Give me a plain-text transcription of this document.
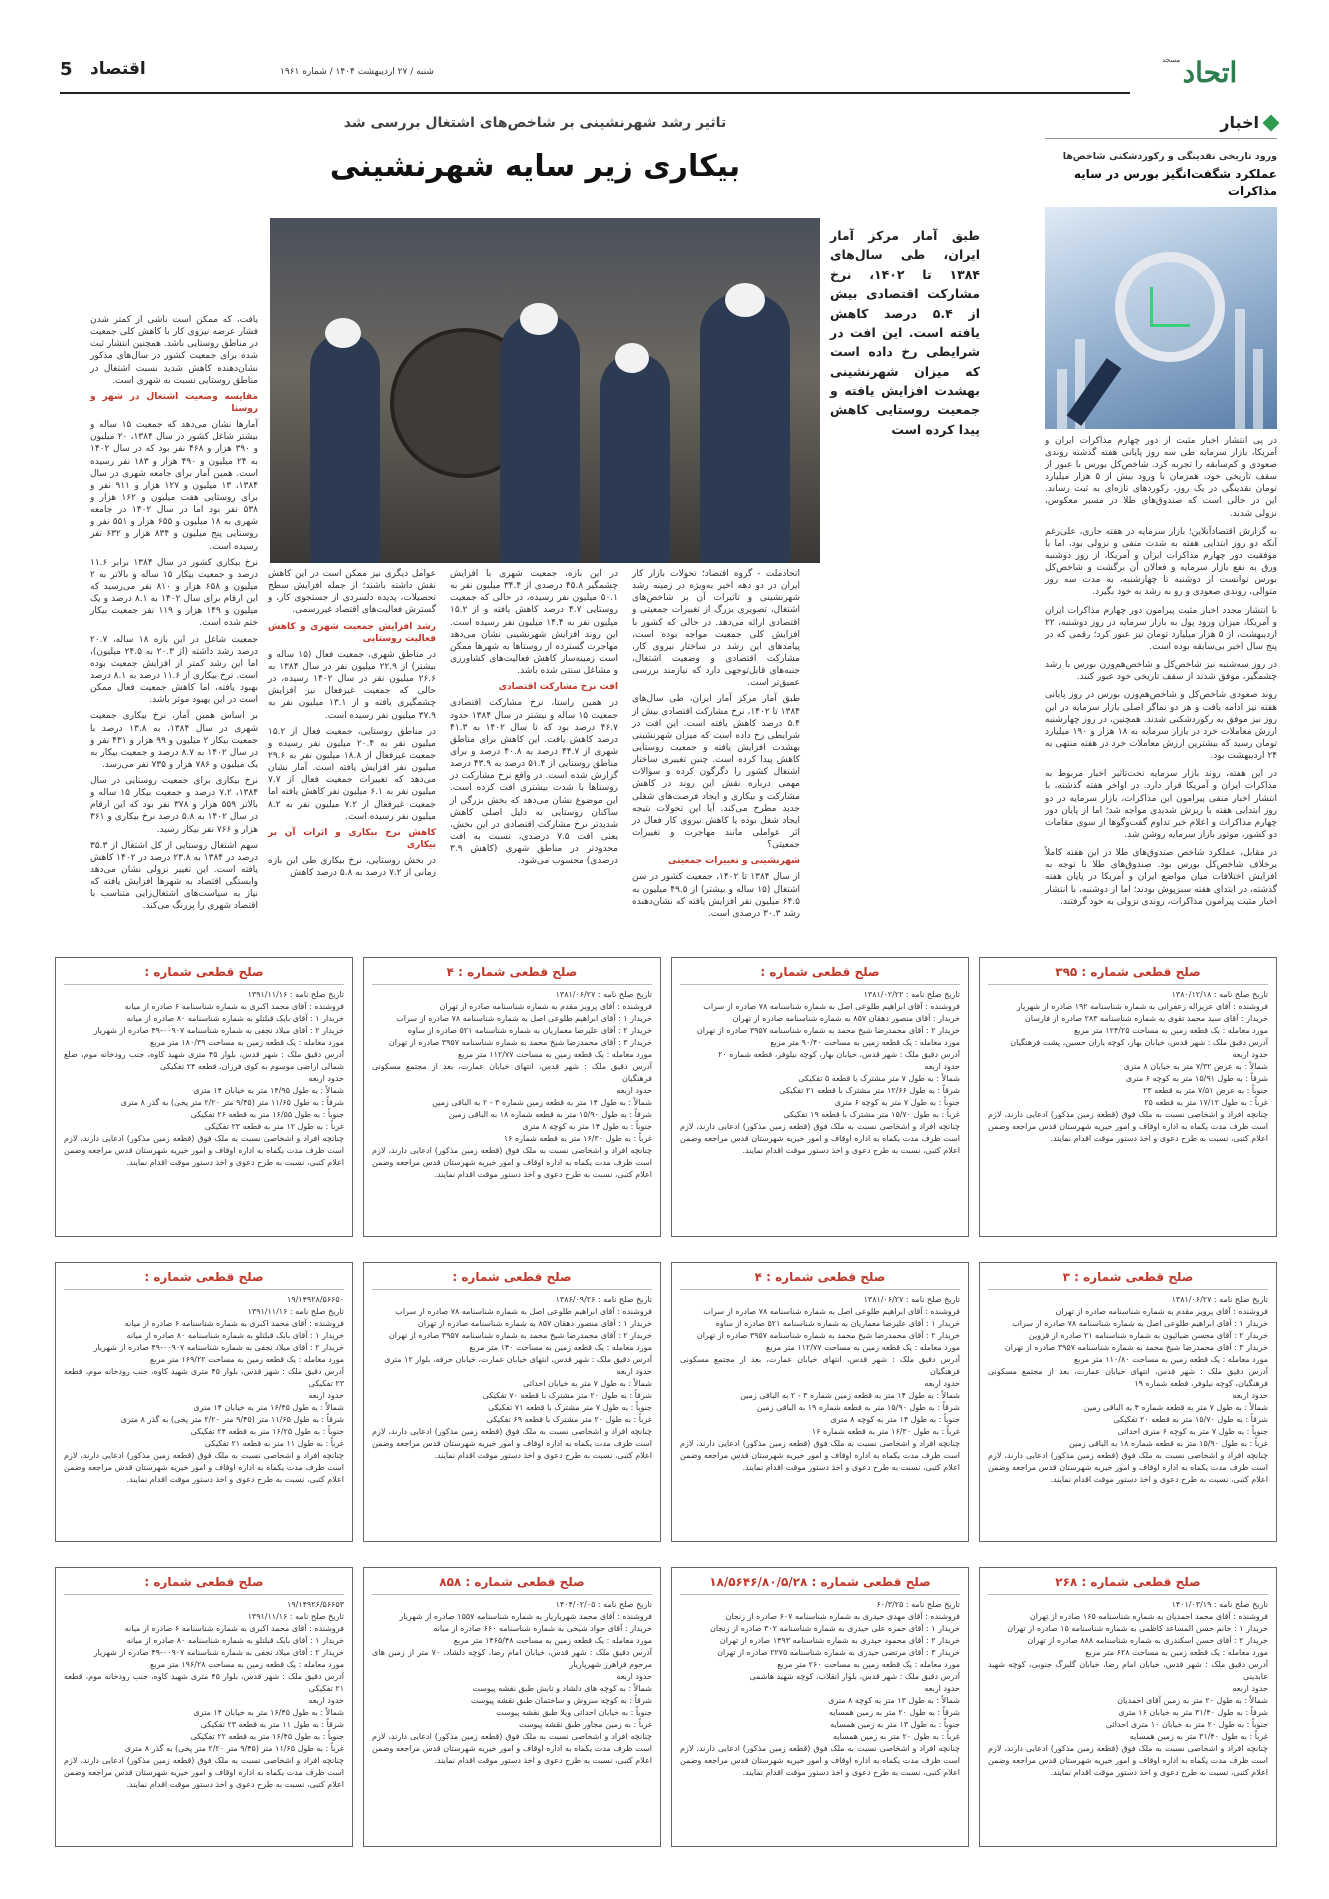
مسجد اتحاد
5 اقتصاد	شنبه / ۲۷ اردیبهشت ۱۴۰۴ / شماره ۱۹۶۱
اخبار
ورود تاریخی نقدینگی و رکوردشکنی شاخص‌ها
عملکرد شگفت‌انگیز بورس در سایه مذاکرات

در پی انتشار اخبار مثبت از دور چهارم مذاکرات ایران و آمریکا، بازار سرمایه طی سه روز پایانی هفته گذشته روندی صعودی و کم‌سابقه را تجربه کرد. شاخص‌کل بورس با عبور از سقف تاریخی خود، همزمان با ورود بیش از ۵ هزار میلیارد تومان نقدینگی در یک روز، رکوردهای تازه‌ای به ثبت رساند. این در حالی است که صندوق‌های طلا در مسیر معکوس، نزولی شدند.

به گزارش اقتصادآنلاین؛ بازار سرمایه در هفته جاری، علی‌رغم آنکه دو روز ابتدایی هفته به شدت منفی و نزولی بود، اما با موفقیت دور چهارم مذاکرات ایران و آمریکا، از روز دوشنبه ورق به نفع بازار سرمایه و فعالان آن برگشت و شاخص‌کل بورس توانست از دوشنبه تا چهارشنبه، به مدت سه روز متوالی، روندی صعودی و رو به رشد به خود بگیرد.

با انتشار مجدد اخبار مثبت پیرامون دور چهارم مذاکرات ایران و آمریکا، میزان ورود پول به بازار سرمایه در روز دوشنبه، ۲۲ اردیبهشت، از ۵ هزار میلیارد تومان نیز عبور کرد؛ رقمی که در پنج سال اخیر بی‌سابقه بوده است.

در روز سه‌شنبه نیز شاخص‌کل و شاخص‌هم‌وزن بورس با رشد چشمگیر، موفق شدند از سقف تاریخی خود عبور کنند.

روند صعودی شاخص‌کل و شاخص‌هم‌وزن بورس در روز پایانی هفته نیز ادامه یافت و هر دو نماگر اصلی بازار سرمایه در این روز نیز موفق به رکوردشکنی شدند. همچنین، در روز چهارشنبه ارزش معاملات خرد در بازار سرمایه به ۱۸ هزار و ۱۹۰ میلیارد تومان رسید که بیشترین ارزش معاملات خرد در هفته منتهی به ۲۴ اردیبهشت بود.

در این هفته، روند بازار سرمایه تحت‌تاثیر اخبار مربوط به مذاکرات ایران و آمریکا قرار دارد. در اواخر هفته گذشته، با انتشار اخبار منفی پیرامون این مذاکرات، بازار سرمایه در دو روز ابتدایی هفته با ریزش شدیدی مواجه شد؛ اما از پایان دور چهارم مذاکرات و اعلام خبر تداوم گفت‌وگوها از سوی مقامات دو کشور، موتور بازار سرمایه روشن شد.

در مقابل، عملکرد شاخص صندوق‌های طلا در این هفته کاملاً برخلاف شاخص‌کل بورس بود. صندوق‌های طلا با توجه به افزایش اختلافات میان مواضع ایران و آمریکا در پایان هفته گذشته، در ابتدای هفته سبزپوش بودند؛ اما از دوشنبه، با انتشار اخبار مثبت پیرامون مذاکرات، روندی نزولی به خود گرفتند.

تاثیر رشد شهرنشینی بر شاخص‌های اشتغال بررسی شد
بیکاری زیر سایه شهرنشینی
طبق آمار مرکز آمار ایران، طی سال‌های ۱۳۸۴ تا ۱۴۰۲، نرخ مشارکت اقتصادی بیش از ۵.۴ درصد کاهش یافته است. این افت در شرایطی رخ داده است که میزان شهرنشینی بهشدت افزایش یافته و جمعیت روستایی کاهش پیدا کرده است

اتحادملت - گروه اقتصاد؛ تحولات بازار کار ایران در دو دهه اخیر به‌ویژه در زمینه رشد شهرنشینی و تاثیرات آن بر شاخص‌های اشتغال، تصویری بزرگ از تغییرات جمعیتی و اقتصادی ارائه می‌دهد. در حالی که کشور با افزایش کلی جمعیت مواجه بوده است، پیامدهای این رشد در ساختار نیروی کار، مشارکت اقتصادی و وضعیت اشتغال، جنبه‌های قابل‌توجهی دارد که نیازمند بررسی عمیق‌تر است.

طبق آمار مرکز آمار ایران، طی سال‌های ۱۳۸۴ تا ۱۴۰۲، نرخ مشارکت اقتصادی بیش از ۵.۴ درصد کاهش یافته است. این افت در شرایطی رخ داده است که میزان شهرنشینی بهشدت افزایش یافته و جمعیت روستایی کاهش پیدا کرده است. چنین تغییری ساختار اشتغال کشور را دگرگون کرده و سوالات مهمی درباره نقش این روند در کاهش مشارکت و بیکاری و ایجاد فرصت‌های شغلی جدید مطرح می‌کند. آیا این تحولات نتیجه ایجاد شغل بوده یا کاهش نیروی کار فعال در اثر عواملی مانند مهاجرت و تغییرات جمعیتی؟

شهرنشینی و تغییرات جمعیتی

از سال ۱۳۸۴ تا ۱۴۰۲، جمعیت کشور در سن اشتغال (۱۵ ساله و بیشتر) از ۴۹.۵ میلیون به ۶۴.۵ میلیون نفر افزایش یافته که نشان‌دهنده رشد ۳۰.۳ درصدی است.

در این بازه، جمعیت شهری با افزایش چشمگیر ۴۵.۸ درصدی از ۳۴.۴ میلیون نفر به ۵۰.۱ میلیون نفر رسیده، در حالی که جمعیت روستایی ۴.۷ درصد کاهش یافته و از ۱۵.۲ میلیون نفر به ۱۴.۴ میلیون نفر رسیده است. این روند افزایش شهرنشینی نشان می‌دهد مهاجرت گسترده از روستاها به شهرها ممکن است زمینه‌ساز کاهش فعالیت‌های کشاورزی و مشاغل سنتی شده باشد.

افت نرخ مشارکت اقتصادی

در همین راستا، نرخ مشارکت اقتصادی جمعیت ۱۵ ساله و بیشتر در سال ۱۳۸۴ حدود ۴۶.۷ درصد بود که تا سال ۱۴۰۲ به ۴۱.۳ درصد کاهش یافت. این کاهش برای مناطق شهری از ۴۴.۷ درصد به ۴۰.۸ درصد و برای مناطق روستایی از ۵۱.۴ درصد به ۴۳.۹ درصد گزارش شده است. در واقع نرخ مشارکت در روستاها با شدت بیشتری افت کرده است. این موضوع نشان می‌دهد که بخش بزرگی از ساکنان روستایی به دلیل اصلی کاهش شدیدتر نرخ مشارکت اقتصادی در این بخش، یعنی افت ۷.۵ درصدی، نسبت به افت محدودتر در مناطق شهری (کاهش ۳.۹ درصدی) محسوب می‌شود.

عوامل دیگری نیز ممکن است در این کاهش نقش داشته باشند؛ از جمله افزایش سطح تحصیلات، پدیده دلسردی از جستجوی کار، و گسترش فعالیت‌های اقتصاد غیررسمی.

رشد افزایش جمعیت شهری و کاهش فعالیت روستایی

در مناطق شهری، جمعیت فعال (۱۵ ساله و بیشتر) از ۲۲.۹ میلیون نفر در سال ۱۳۸۴ به ۲۶.۶ میلیون نفر در سال ۱۴۰۲ رسیده، در حالی که جمعیت غیرفعال نیز افزایش چشمگیری یافته و از ۱۳.۱ میلیون نفر به ۳۷.۹ میلیون نفر رسیده است.

در مناطق روستایی، جمعیت فعال از ۱۵.۲ میلیون نفر به ۲۰.۴ میلیون نفر رسیده و جمعیت غیرفعال از ۱۸.۸ میلیون نفر به ۲۹.۶ میلیون نفر افزایش یافته است. آمار نشان می‌دهد که تغییرات جمعیت فعال از ۷.۷ میلیون نفر به ۶.۱ میلیون نفر کاهش یافته اما جمعیت غیرفعال از ۷.۲ میلیون نفر به ۸.۲ میلیون نفر رسیده است.

کاهش نرخ بیکاری و اثرات آن بر بیکاری

در بخش روستایی، نرخ بیکاری طی این بازه زمانی از ۷.۲ درصد به ۵.۸ درصد کاهش

یافت، که ممکن است ناشی از کمتر شدن فشار عرضه نیروی کار با کاهش کلی جمعیت در مناطق روستایی باشد. همچنین انتشار ثبت شده برای جمعیت کشور در سال‌های مذکور نشان‌دهنده کاهش شدید نسبت اشتغال در مناطق روستایی نسبت به شهری است.

مقایسه وضعیت اشتغال در شهر و روستا

آمارها نشان می‌دهد که جمعیت ۱۵ ساله و بیشتر شاغل کشور در سال ۱۳۸۴، ۲۰ میلیون و ۳۹۰ هزار و ۴۶۸ نفر بود که در سال ۱۴۰۲ به ۲۴ میلیون و ۴۹۰ هزار و ۱۸۳ نفر رسیده است. همین آمار برای جامعه شهری در سال ۱۳۸۴، ۱۳ میلیون و ۱۲۷ هزار و ۹۱۱ نفر و برای روستایی هفت میلیون و ۱۶۲ هزار و ۵۳۸ نفر بود اما در سال ۱۴۰۲ در جامعه شهری به ۱۸ میلیون و ۶۵۵ هزار و ۵۵۱ نفر و روستایی پنج میلیون و ۸۳۴ هزار و ۶۳۲ نفر رسیده است.

نرخ بیکاری کشور در سال ۱۳۸۴ برابر ۱۱.۶ درصد و جمعیت بیکار ۱۵ ساله و بالاتر به ۲ میلیون و ۶۵۸ هزار و ۸۱۰ نفر می‌رسید که این ارقام برای سال ۱۴۰۲ به ۸.۱ درصد و یک میلیون و ۱۴۹ هزار و ۱۱۹ نفر جمعیت بیکار ختم شده است.

جمعیت شاغل در این بازه ۱۸ ساله، ۲۰.۷ درصد رشد داشته (از ۲۰.۳ به ۲۴.۵ میلیون)، اما این رشد کمتر از افزایش جمعیت بوده است. نرخ بیکاری از ۱۱.۶ درصد به ۸.۱ درصد بهبود یافته، اما کاهش جمعیت فعال ممکن است در این بهبود موثر باشد.

بر اساس همین آمار، نرخ بیکاری جمعیت شهری در سال ۱۳۸۴، به ۱۳.۸ درصد با جمعیت بیکار ۲ میلیون و ۹۹ هزار و ۴۳۱ نفر و در سال ۱۴۰۲ به ۸.۷ درصد و جمعیت بیکار به یک میلیون و ۷۸۶ هزار و ۷۳۵ نفر می‌رسد.

نرخ بیکاری برای جمعیت روستایی در سال ۱۳۸۴، ۷.۲ درصد و جمعیت بیکار ۱۵ ساله و بالاتر ۵۵۹ هزار و ۳۷۸ نفر بود که این ارقام در سال ۱۴۰۲ به ۵.۸ درصد نرخ بیکاری و ۳۶۱ هزار و ۷۶۶ نفر بیکار رسید.

سهم اشتغال روستایی از کل اشتغال از ۳۵.۳ درصد در ۱۳۸۴ به ۲۳.۸ درصد در ۱۴۰۲ کاهش یافته است. این تغییر نزولی نشان می‌دهد وابستگی اقتصاد به شهرها افزایش یافته که نیاز به سیاست‌های اشتغال‌زایی متناسب با اقتصاد شهری را پررنگ می‌کند.

صلح قطعی شماره : ۳۹۵
تاریخ صلح نامه : ۱۳۸۰/۱۲/۱۸
فروشنده : آقای عزیزاله زعفرانی به شماره شناسنامه ۱۹۲ صادره از شهریار
خریدار : آقای سید محمد تقوی به شماره شناسنامه ۲۸۳ صادره از فارسان
مورد معامله : یک قطعه زمین به مساحت ۱۲۴/۲۵ متر مربع
آدرس دقیق ملک : شهر قدس، خیابان بهار، کوچه یاران حسین، پشت فرهنگیان
حدود اربعه
شمالاً : به عرض ۷/۳۲ متر به خیابان ۸ متری
شرقاً : به طول ۱۵/۹۱ متر به کوچه ۶ متری
جنوباً : به عرض ۷/۵۱ متر به قطعه ۲۳
غرباً : به طول ۱۷/۱۲ متر به قطعه ۲۵
چنانچه افراد و اشخاصی نسبت به ملک فوق (قطعه زمین مذکور) ادعایی دارند، لازم است ظرف مدت یکماه به اداره اوقاف و امور خیریه شهرستان قدس مراجعه وضمن اعلام کتبی، نسبت به طرح دعوی و اخذ دستور موقت اقدام نمایند.
صلح قطعی شماره :
تاریخ صلح نامه : ۱۳۸۱/۰۲/۲۲
فروشنده : آقای ابراهیم طلوعی اصل به شماره شناسنامه ۷۸ صادره از سراب
خریدار : آقای منصور دهقان ۸۵۷ به شماره شناسنامه صادره از تهران
خریدار ۲ : آقای محمدرضا شیخ محمد به شماره شناسنامه ۳۹۵۷ صادره از تهران
مورد معامله : یک قطعه زمین به مساحت ۹۰/۴۰ متر مربع
آدرس دقیق ملک : شهر قدس، خیابان بهار، کوچه نیلوفر، قطعه شماره ۲۰
حدود اربعه
شمالاً : به طول ۷ متر مشترک با قطعه ۵ تفکیکی
شرقاً : به طول ۱۲/۶۶ متر مشترک با قطعه ۲۱ تفکیکی
جنوباً : به طول ۷ متر به کوچه ۶ متری
غرباً : به طول ۱۵/۷۰ متر مشترک با قطعه ۱۹ تفکیکی
چنانچه افراد و اشخاصی نسبت به ملک فوق (قطعه زمین مذکور) ادعایی دارند، لازم است ظرف مدت یکماه به اداره اوقاف و امور خیریه شهرستان قدس مراجعه وضمن اعلام کتبی، نسبت به طرح دعوی و اخذ دستور موقت اقدام نمایند.
صلح قطعی شماره : ۴
تاریخ صلح نامه : ۱۳۸۱/۰۶/۲۷
فروشنده : آقای پرویز مقدم به شماره شناسنامه صادره از تهران
خریدار ۱ : آقای ابراهیم طلوعی اصل به شماره شناسنامه ۷۸ صادره از سراب
خریدار ۲ : آقای علیرضا معماریان به شماره شناسنامه ۵۲۱ صادره از ساوه
خریدار ۳ : آقای محمدرضا شیخ محمد به شماره شناسنامه ۳۹۵۷ صادره از تهران
مورد معامله : یک قطعه زمین به مساحت ۱۱۲/۷۷ متر مربع
آدرس دقیق ملک : شهر قدس، انتهای خیابان عمارت، بعد از مجتمع مسکونی فرهنگیان
حدود اربعه
شمالاً : به طول ۱۴ متر به قطعه زمین شماره ۳ - ۲ به الباقی زمین
شرقاً : به طول ۱۵/۹۰ متر به قطعه شماره ۱۸ به الباقی زمین
جنوباً : به طول ۱۴ متر به کوچه ۸ متری
غرباً : به طول ۱۶/۳۰ متر به قطعه شماره ۱۶
چنانچه افراد و اشخاصی نسبت به ملک فوق (قطعه زمین مذکور) ادعایی دارند، لازم است ظرف مدت یکماه به اداره اوقاف و امور خیریه شهرستان قدس مراجعه وضمن اعلام کتبی، نسبت به طرح دعوی و اخذ دستور موقت اقدام نمایند.
صلح قطعی شماره :
تاریخ صلح نامه : ۱۳۹۱/۱۱/۱۶
فروشنده : آقای محمد اکبری به شماره شناسنامه ۶ صادره از میانه
خریدار ۱ : آقای بابک قبلتلو به شماره شناسنامه ۸۰ صادره از میانه
خریدار ۲ : آقای میلاد نجفی به شماره شناسنامه ۰۰۹۰۷-۴۹ صادره از شهریار
مورد معامله : یک قطعه زمین به مساحت ۱۸۰/۳۹ متر مربع
آدرس دقیق ملک : شهر قدس، بلوار ۴۵ متری شهید کاوه، جنب رودخانه موم، ضلع شمالی اراضی موسوم به کوی فرزان، قطعه ۲۴ تفکیکی
حدود اربعه
شمالاً : به طول ۱۴/۹۵ متر به خیابان ۱۴ متری
شرقاً : به طول ۱۱/۶۵ متر (۹/۴۵ متر ۲/۲۰ متر پخی) به گذر ۸ متری
جنوباً : به طول ۱۶/۵۵ متر به قطعه ۲۶ تفکیکی
غرباً : به طول ۱۲ متر به قطعه ۲۳ تفکیکی
چنانچه افراد و اشخاصی نسبت به ملک فوق (قطعه زمین مذکور) ادعایی دارند، لازم است ظرف مدت یکماه به اداره اوقاف و امور خیریه شهرستان قدس مراجعه وضمن اعلام کتبی، نسبت به طرح دعوی و اخذ دستور موقت اقدام نمایند.
صلح قطعی شماره : ۳
تاریخ صلح نامه : ۱۳۸۱/۰۶/۲۷
فروشنده : آقای پرویز مقدم به شماره شناسنامه صادره از تهران
خریدار ۱ : آقای ابراهیم طلوعی اصل به شماره شناسنامه ۷۸ صادره از سراب
خریدار ۲ : آقای محسن ضیائیون به شماره شناسنامه ۲۱ صادره از قزوین
خریدار ۳ : آقای محمدرضا شیخ محمد به شماره شناسنامه ۳۹۵۷ صادره از تهران
مورد معامله : یک قطعه زمین به مساحت ۱۱۰/۸۰ متر مربع
آدرس دقیق ملک : شهر قدس، انتهای خیابان عمارت، بعد از مجتمع مسکونی فرهنگیان، کوچه نیلوفر، قطعه شماره ۱۹
حدود اربعه
شمالاً : به طول ۷ متر به قطعه شماره ۴ به الباقی زمین
شرقاً : به طول ۱۵/۷۰ متر به قطعه ۲۰ تفکیکی
جنوباً : به طول ۷ متر به کوچه ۶ متری احداثی
غرباً : به طول ۱۵/۹۰ متر به قطعه شماره ۱۸ به الباقی زمین
چنانچه افراد و اشخاصی نسبت به ملک فوق (قطعه زمین مذکور) ادعایی دارند، لازم است ظرف مدت یکماه به اداره اوقاف و امور خیریه شهرستان قدس مراجعه وضمن اعلام کتبی، نسبت به طرح دعوی و اخذ دستور موقت اقدام نمایند.
صلح قطعی شماره : ۴
تاریخ صلح نامه : ۱۳۸۱/۰۶/۲۷
فروشنده : آقای ابراهیم طلوعی اصل به شماره شناسنامه ۷۸ صادره از سراب
خریدار ۱ : آقای علیرضا معماریان به شماره شناسنامه ۵۲۱ صادره از ساوه
خریدار ۲ : آقای محمدرضا شیخ محمد به شماره شناسنامه ۳۹۵۷ صادره از تهران
مورد معامله : یک قطعه زمین به مساحت ۱۱۲/۷۷ متر مربع
آدرس دقیق ملک : شهر قدس، انتهای خیابان عمارت، بعد از مجتمع مسکونی فرهنگیان
حدود اربعه
شمالاً : به طول ۱۴ متر به قطعه زمین شماره ۳ - ۲ به الباقی زمین
شرقاً : به طول ۱۵/۹۰ متر به قطعه شماره ۱۹ به الباقی زمین
جنوباً : به طول ۱۴ متر به کوچه ۸ متری
غرباً : به طول ۱۶/۳۰ متر به قطعه شماره ۱۶
چنانچه افراد و اشخاصی نسبت به ملک فوق (قطعه زمین مذکور) ادعایی دارند، لازم است ظرف مدت یکماه به اداره اوقاف و امور خیریه شهرستان قدس مراجعه وضمن اعلام کتبی، نسبت به طرح دعوی و اخذ دستور موقت اقدام نمایند.
صلح قطعی شماره :
تاریخ صلح نامه : ۱۳۸۶/۰۹/۲۶
فروشنده : آقای ابراهیم طلوعی اصل به شماره شناسنامه ۷۸ صادره از سراب
خریدار ۱ : آقای منصور دهقان ۸۵۷ به شماره شناسنامه صادره از تهران
خریدار ۲ : آقای محمدرضا شیخ محمد به شماره شناسنامه ۳۹۵۷ صادره از تهران
مورد معامله : یک قطعه زمین به مساحت ۱۴۰ متر مربع
آدرس دقیق ملک : شهر قدس، انتهای خیابان عمارت، خیابان حرفه، بلوار ۱۲ متری
حدود اربعه
شمالاً : به طول ۷ متر به خیابان احداثی
شرقاً : به طول ۲۰ متر مشترک با قطعه ۷۰ تفکیکی
جنوباً : به طول ۷ متر مشترک با قطعه ۷۱ تفکیکی
غرباً : به طول ۲۰ متر مشترک با قطعه ۶۹ تفکیکی
چنانچه افراد و اشخاصی نسبت به ملک فوق (قطعه زمین مذکور) ادعایی دارند، لازم است ظرف مدت یکماه به اداره اوقاف و امور خیریه شهرستان قدس مراجعه وضمن اعلام کتبی، نسبت به طرح دعوی و اخذ دستور موقت اقدام نمایند.
صلح قطعی شماره :
۱۹/۱۴۹۲۸/۵۶۶۵۰
تاریخ صلح نامه : ۱۳۹۱/۱۱/۱۶
فروشنده : آقای محمد اکبری به شماره شناسنامه ۶ صادره از میانه
خریدار ۱ : آقای بابک قبلتلو به شماره شناسنامه ۸۰ صادره از میانه
خریدار ۲ : آقای میلاد نجفی به شماره شناسنامه ۰۰۹۰۷-۴۹ صادره از شهریار
مورد معامله : یک قطعه زمین به مساحت ۱۶۹/۲۲ متر مربع
آدرس دقیق ملک : شهر قدس، بلوار ۴۵ متری شهید کاوه، جنب رودخانه موم، قطعه ۲۳ تفکیکی
حدود اربعه
شمالاً : به طول ۱۶/۴۵ متر به خیابان ۱۴ متری
شرقاً : به طول ۱۱/۶۵ متر (۹/۴۵ متر ۲/۲۰ متر پخی) به گذر ۸ متری
جنوباً : به طول ۱۶/۲۵ متر به قطعه ۲۴ تفکیکی
غرباً : به طول ۱۱ متر به قطعه ۲۱ تفکیکی
چنانچه افراد و اشخاصی نسبت به ملک فوق (قطعه زمین مذکور) ادعایی دارند، لازم است ظرف مدت یکماه به اداره اوقاف و امور خیریه شهرستان قدس مراجعه وضمن اعلام کتبی، نسبت به طرح دعوی و اخذ دستور موقت اقدام نمایند.
صلح قطعی شماره : ۲۶۸
تاریخ صلح نامه : ۱۴۰۱/۰۳/۱۹
فروشنده : آقای محمد احمدیان به شماره شناسنامه ۱۶۵ صادره از تهران
خریدار ۱ : خانم حسن المساعد کاظمی به شماره شناسنامه ۱۵ صادره از تهران
خریدار ۲ : آقای حسن اسکندری به شماره شناسنامه ۸۸۸ صادره از تهران
مورد معامله : یک قطعه زمین به مساحت ۶۲۸ متر مربع
آدرس دقیق ملک : شهر قدس، خیابان امام رضا، خیابان گلبرگ جنوبی، کوچه شهید عابدینی
حدود اربعه
شمالاً : به طول ۲۰ متر به زمین آقای احمدیان
شرقاً : به طول ۳۱/۴۰ متر به خیابان ۱۶ متری
جنوباً : به طول ۲۰ متر به خیابان ۱۰ متری احداثی
غرباً : به طول ۳۱/۴۰ متر به زمین همسایه
چنانچه افراد و اشخاصی نسبت به ملک فوق (قطعه زمین مذکور) ادعایی دارند، لازم است ظرف مدت یکماه به اداره اوقاف و امور خیریه شهرستان قدس مراجعه وضمن اعلام کتبی، نسبت به طرح دعوی و اخذ دستور موقت اقدام نمایند.
صلح قطعی شماره : ۱۸/۵۶۴۶/۸۰/۵/۲۸
تاریخ صلح نامه : ۶۰/۳/۲۵
فروشنده : آقای مهدی حیدری به شماره شناسنامه ۶۰۷ صادره از زنجان
خریدار ۱ : آقای حمزه علی حیدری به شماره شناسنامه ۳۰۲ صادره از زنجان
خریدار ۲ : آقای محمود حیدری به شماره شناسنامه ۱۴۹۳ صادره از تهران
خریدار ۳ : آقای مرتضی حیدری به شماره شناسنامه ۲۲۷۵ صادره از تهران
مورد معامله : یک قطعه زمین به مساحت ۲۶۰ متر مربع
آدرس دقیق ملک : شهر قدس، بلوار انقلاب، کوچه شهید هاشمی
حدود اربعه
شمالاً : به طول ۱۳ متر به کوچه ۸ متری
شرقاً : به طول ۲۰ متر به زمین همسایه
جنوباً : به طول ۱۳ متر به زمین همسایه
غرباً : به طول ۲۰ متر به زمین همسایه
چنانچه افراد و اشخاصی نسبت به ملک فوق (قطعه زمین مذکور) ادعایی دارند، لازم است ظرف مدت یکماه به اداره اوقاف و امور خیریه شهرستان قدس مراجعه وضمن اعلام کتبی، نسبت به طرح دعوی و اخذ دستور موقت اقدام نمایند.
صلح قطعی شماره : ۸۵۸
تاریخ صلح نامه : ۱۴۰۴/۰۲/۰۵
فروشنده : آقای محمد شهریاریار به شماره شناسنامه ۱۵۵۷ صادره از شهریار
خریدار : آقای جواد شیخی به شماره شناسنامه ۶۶۰ صادره از میانه
مورد معامله : یک قطعه زمین به مساحت ۱۴۶۵/۴۸ متر مربع
آدرس دقیق ملک : شهر قدس، خیابان امام رضا، کوچه دلشاد، ۷۰ متر از زمین های مرحوم فراهرز شهریاریار
حدود اربعه
شمالاً : به کوچه های دلشاد و تابش طبق نقشه پیوست
شرقاً : به کوچه سروش و ساختمان طبق نقشه پیوست
جنوباً : به خیابان احداثی ویلا طبق نقشه پیوست
غرباً : به زمین مجاور طبق نقشه پیوست
چنانچه افراد و اشخاصی نسبت به ملک فوق (قطعه زمین مذکور) ادعایی دارند، لازم است ظرف مدت یکماه به اداره اوقاف و امور خیریه شهرستان قدس مراجعه وضمن اعلام کتبی، نسبت به طرح دعوی و اخذ دستور موقت اقدام نمایند.
صلح قطعی شماره :
۱۹/۱۴۹۲۶/۵۶۶۵۳
تاریخ صلح نامه : ۱۳۹۱/۱۱/۱۶
فروشنده : آقای محمد اکبری به شماره شناسنامه ۶ صادره از میانه
خریدار ۱ : آقای بابک قبلتلو به شماره شناسنامه ۸۰ صادره از میانه
خریدار ۲ : آقای میلاد نجفی به شماره شناسنامه ۰۰۹۰۷-۴۹ صادره از شهریار
مورد معامله : یک قطعه زمین به مساحت ۱۹۶/۲۸ متر مربع
آدرس دقیق ملک : شهر قدس، بلوار ۴۵ متری شهید کاوه، جنب رودخانه موم، قطعه ۲۱ تفکیکی
حدود اربعه
شمالاً : به طول ۱۶/۴۵ متر به خیابان ۱۴ متری
شرقاً : به طول ۱۱ متر به قطعه ۲۳ تفکیکی
جنوباً : به طول ۱۶/۴۵ متر به قطعه ۲۲ تفکیکی
غرباً : به طول ۱۱/۶۵ متر (۹/۴۵ متر ۲/۲۰ متر پخی) به گذر ۸ متری
چنانچه افراد و اشخاصی نسبت به ملک فوق (قطعه زمین مذکور) ادعایی دارند، لازم است ظرف مدت یکماه به اداره اوقاف و امور خیریه شهرستان قدس مراجعه وضمن اعلام کتبی، نسبت به طرح دعوی و اخذ دستور موقت اقدام نمایند.
